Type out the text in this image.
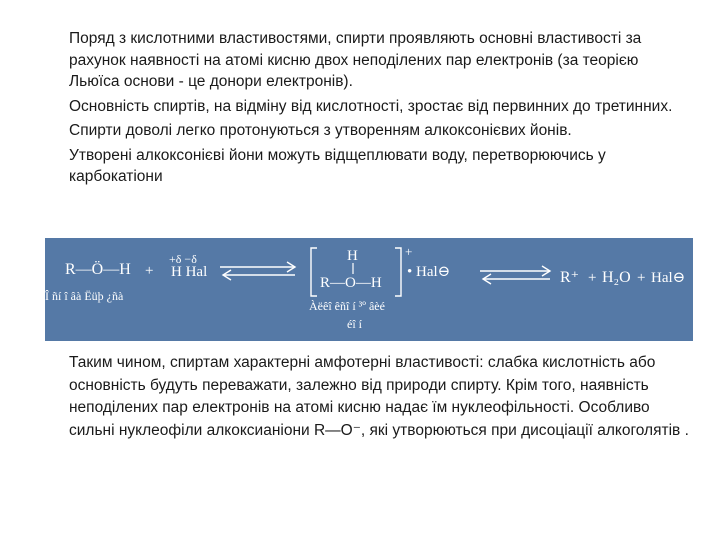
Поряд з кислотними властивостями, спирти проявляють основні властивості за рахунок наявності на атомі кисню двох неподілених пар електронів (за теорією Льюїса основи - це донори електронів).

Основність спиртів, на відміну від кислотності, зростає від первинних до третинних.

Спирти доволі легко протонуються з утворенням алкоксонієвих йонів.

Утворені алкоксонієві йони можуть відщеплювати воду, перетворюючись у карбокатіони

R—Ö—H +
+δ −δ
H Hal
Î ñí î âà Ëüþ ¿ñà
H
R—O—H
+
• Hal⊖
Àëêî êñî í ³º âèé
éî í
R⁺ + H₂O + Hal⊖

Таким чином, спиртам характерні амфотерні властивості: слабка кислотність або основність будуть переважати, залежно від природи спирту. Крім того, наявність неподілених пар електронів на атомі кисню надає їм нуклеофільності. Особливо сильні нуклеофіли алкоксианіони R—O⁻, які утворюються при дисоціації алкоголятів .
